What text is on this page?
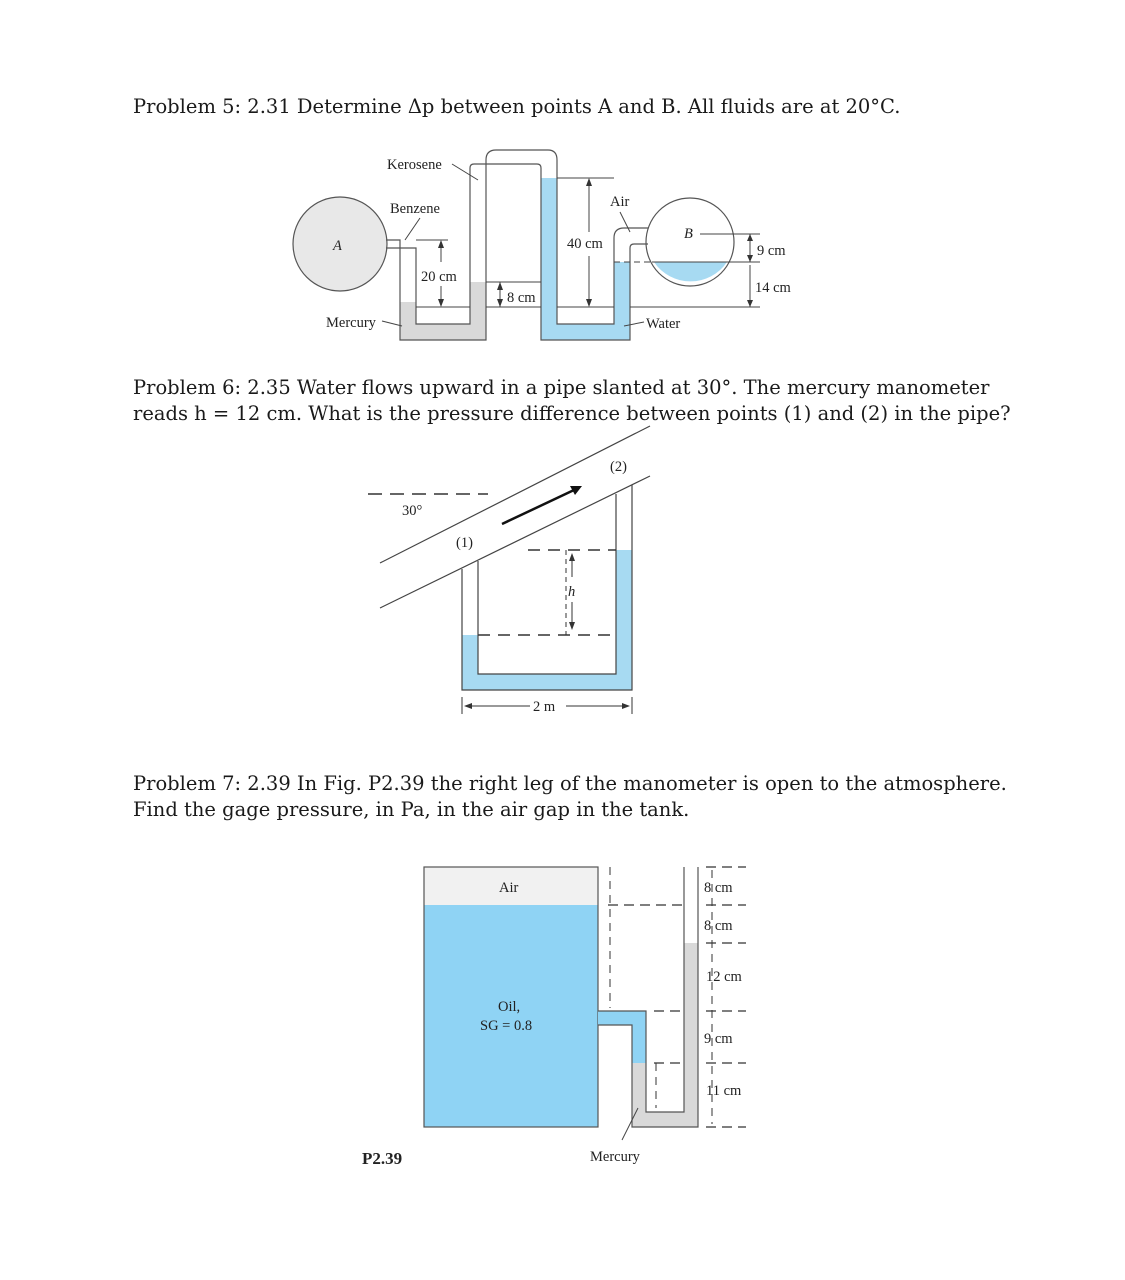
Problem 5: 2.31 Determine Δp between points A and B. All fluids are at 20°C.

Kerosene
Benzene
A
B
Air
Mercury	Water
20 cm
8 cm
40 cm	9 cm
14 cm

Problem 6: 2.35 Water flows upward in a pipe slanted at 30°. The mercury manometer

reads h = 12 cm. What is the pressure difference between points (1) and (2) in the pipe?

30°
(1)
(2)
h
2 m

Problem 7: 2.39 In Fig. P2.39 the right leg of the manometer is open to the atmosphere.

Find the gage pressure, in Pa, in the air gap in the tank.

Air
Oil,
SG = 0.8
Mercury
P2.39
8 cm
8 cm
12 cm
9 cm
11 cm
